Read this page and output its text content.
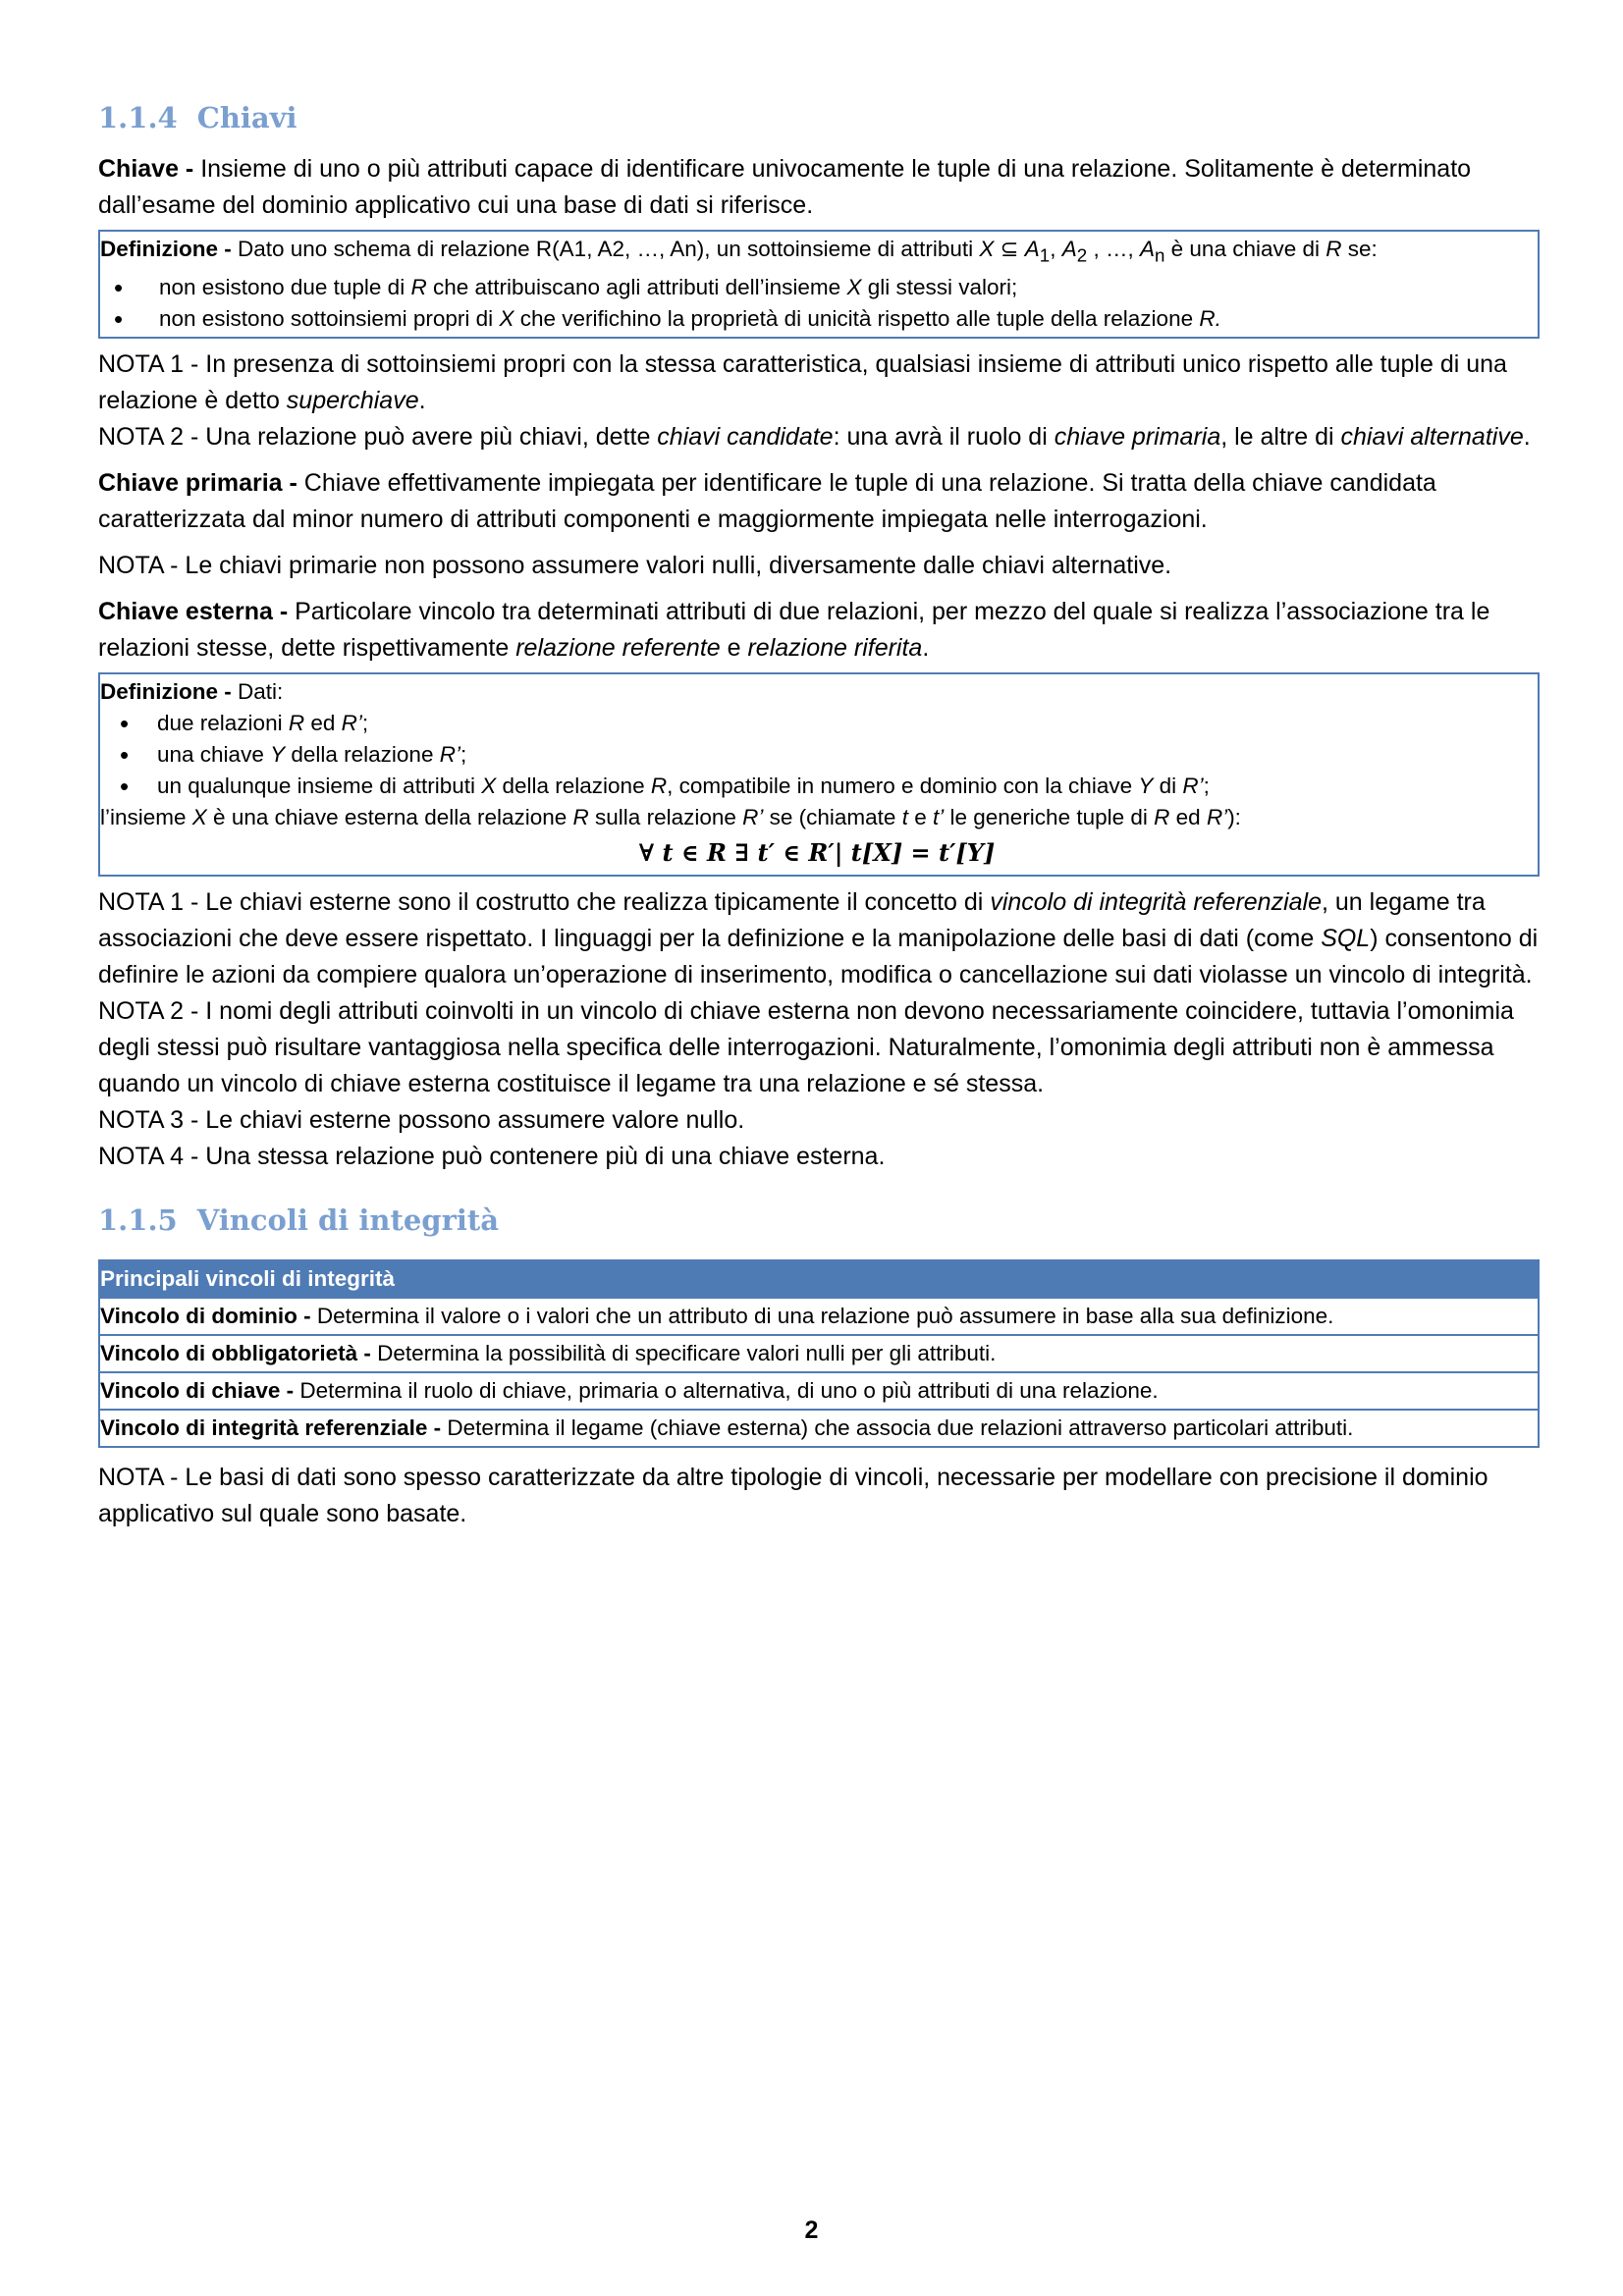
1.1.4 Chiavi

Chiave - Insieme di uno o più attributi capace di identificare univocamente le tuple di una relazione. Solitamente è determinato dall’esame del dominio applicativo cui una base di dati si riferisce.

Definizione - Dato uno schema di relazione R(A1, A2, …, An), un sottoinsieme di attributi X ⊆ $A_1$, $A_2$ , …, $A_n$ è una chiave di R se:
• non esistono due tuple di R che attribuiscano agli attributi dell’insieme X gli stessi valori;
• non esistono sottoinsiemi propri di X che verifichino la proprietà di unicità rispetto alle tuple della relazione R.

NOTA 1 - In presenza di sottoinsiemi propri con la stessa caratteristica, qualsiasi insieme di attributi unico rispetto alle tuple di una relazione è detto superchiave.

NOTA 2 - Una relazione può avere più chiavi, dette chiavi candidate: una avrà il ruolo di chiave primaria, le altre di chiavi alternative.

Chiave primaria - Chiave effettivamente impiegata per identificare le tuple di una relazione. Si tratta della chiave candidata caratterizzata dal minor numero di attributi componenti e maggiormente impiegata nelle interrogazioni.

NOTA - Le chiavi primarie non possono assumere valori nulli, diversamente dalle chiavi alternative.

Chiave esterna - Particolare vincolo tra determinati attributi di due relazioni, per mezzo del quale si realizza l’associazione tra le relazioni stesse, dette rispettivamente relazione referente e relazione riferita.

Definizione - Dati:
• due relazioni R ed R’;
• una chiave Y della relazione R’;
• un qualunque insieme di attributi X della relazione R, compatibile in numero e dominio con la chiave Y di R’;
l’insieme X è una chiave esterna della relazione R sulla relazione R’ se (chiamate t e t’ le generiche tuple di R ed R’):
∀ t ∈ R ∃ t′ ∈ R′| t[X] = t′[Y]

NOTA 1 - Le chiavi esterne sono il costrutto che realizza tipicamente il concetto di vincolo di integrità referenziale, un legame tra associazioni che deve essere rispettato. I linguaggi per la definizione e la manipolazione delle basi di dati (come SQL) consentono di definire le azioni da compiere qualora un’operazione di inserimento, modifica o cancellazione sui dati violasse un vincolo di integrità.

NOTA 2 - I nomi degli attributi coinvolti in un vincolo di chiave esterna non devono necessariamente coincidere, tuttavia l’omonimia degli stessi può risultare vantaggiosa nella specifica delle interrogazioni. Naturalmente, l’omonimia degli attributi non è ammessa quando un vincolo di chiave esterna costituisce il legame tra una relazione e sé stessa.

NOTA 3 - Le chiavi esterne possono assumere valore nullo.

NOTA 4 - Una stessa relazione può contenere più di una chiave esterna.

1.1.5 Vincoli di integrità
Principali vincoli di integrità
Vincolo di dominio - Determina il valore o i valori che un attributo di una relazione può assumere in base alla sua definizione.
Vincolo di obbligatorietà - Determina la possibilità di specificare valori nulli per gli attributi.
Vincolo di chiave - Determina il ruolo di chiave, primaria o alternativa, di uno o più attributi di una relazione.
Vincolo di integrità referenziale - Determina il legame (chiave esterna) che associa due relazioni attraverso particolari attributi.

NOTA - Le basi di dati sono spesso caratterizzate da altre tipologie di vincoli, necessarie per modellare con precisione il dominio applicativo sul quale sono basate.

2
